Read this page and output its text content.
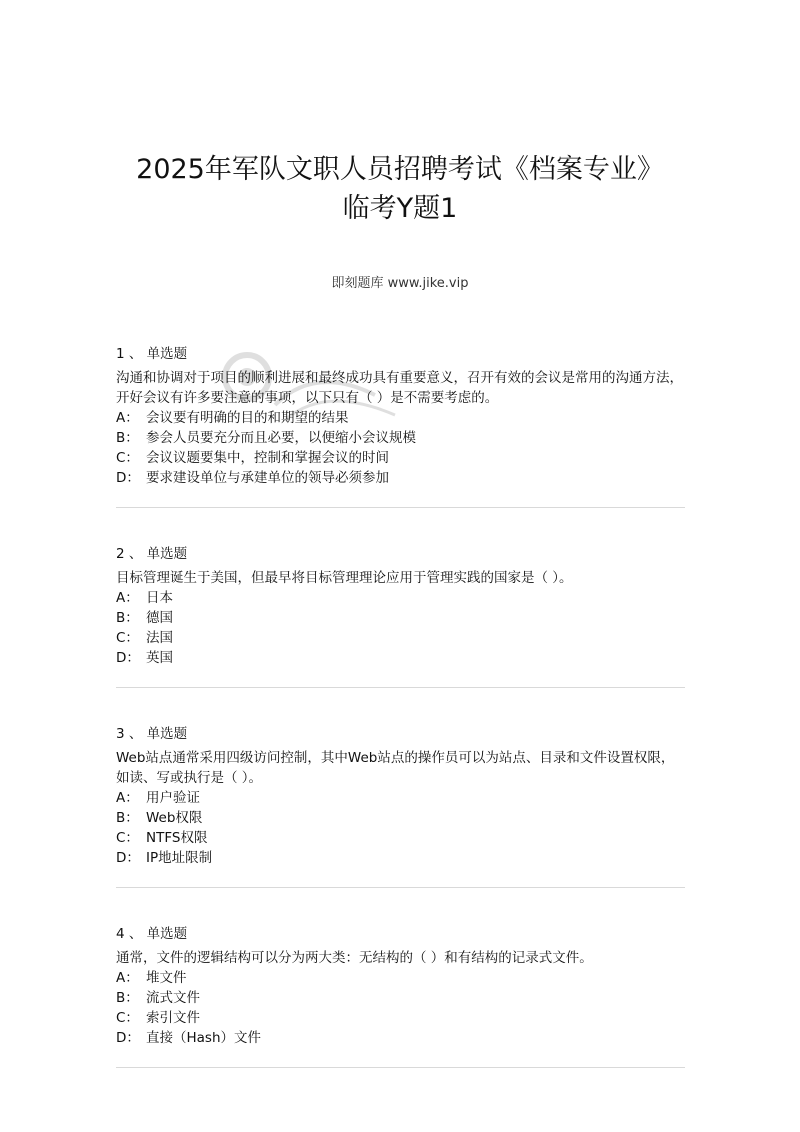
2025年军队文职人员招聘考试《档案专业》
临考Y题1
即刻题库 www.jike.vip
1 、 单选题
沟通和协调对于项目的顺利进展和最终成功具有重要意义，召开有效的会议是常用的沟通方法，开好会议有许多要注意的事项，以下只有（ ）是不需要考虑的。
A： 会议要有明确的目的和期望的结果
B： 参会人员要充分而且必要，以便缩小会议规模
C： 会议议题要集中，控制和掌握会议的时间
D： 要求建设单位与承建单位的领导必须参加
2 、 单选题
目标管理诞生于美国，但最早将目标管理理论应用于管理实践的国家是（ ）。
A： 日本
B： 德国
C： 法国
D： 英国
3 、 单选题
Web站点通常采用四级访问控制，其中Web站点的操作员可以为站点、目录和文件设置权限，如读、写或执行是（ ）。
A： 用户验证
B： Web权限
C： NTFS权限
D： IP地址限制
4 、 单选题
通常，文件的逻辑结构可以分为两大类：无结构的（ ）和有结构的记录式文件。
A： 堆文件
B： 流式文件
C： 索引文件
D： 直接（Hash）文件
